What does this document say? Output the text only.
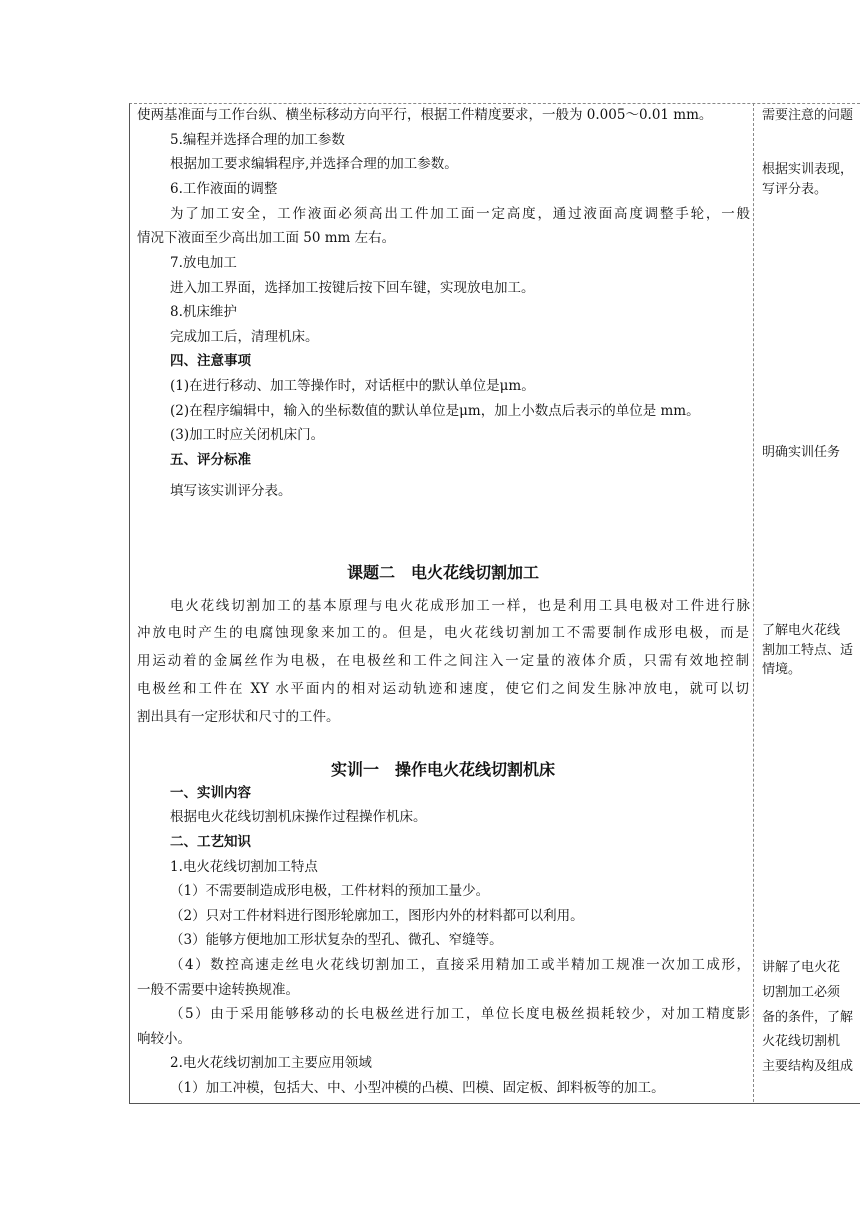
使两基准面与工作台纵、横坐标移动方向平行，根据工件精度要求，一般为 0.005～0.01 mm。
5.编程并选择合理的加工参数
根据加工要求编辑程序,并选择合理的加工参数。
6.工作液面的调整
为了加工安全，工作液面必须高出工件加工面一定高度，通过液面高度调整手轮，一般
情况下液面至少高出加工面 50 mm 左右。
7.放电加工
进入加工界面，选择加工按键后按下回车键，实现放电加工。
8.机床维护
完成加工后，清理机床。
四、注意事项
(1)在进行移动、加工等操作时，对话框中的默认单位是μm。
(2)在程序编辑中，输入的坐标数值的默认单位是μm，加上小数点后表示的单位是 mm。
(3)加工时应关闭机床门。
五、评分标准
填写该实训评分表。
课题二　电火花线切割加工
电火花线切割加工的基本原理与电火花成形加工一样，也是利用工具电极对工件进行脉
冲放电时产生的电腐蚀现象来加工的。但是，电火花线切割加工不需要制作成形电极，而是
用运动着的金属丝作为电极，在电极丝和工件之间注入一定量的液体介质，只需有效地控制
电极丝和工件在 XY 水平面内的相对运动轨迹和速度，使它们之间发生脉冲放电，就可以切
割出具有一定形状和尺寸的工件。
实训一　操作电火花线切割机床
一、实训内容
根据电火花线切割机床操作过程操作机床。
二、工艺知识
1.电火花线切割加工特点
（1）不需要制造成形电极，工件材料的预加工量少。
（2）只对工件材料进行图形轮廓加工，图形内外的材料都可以利用。
（3）能够方便地加工形状复杂的型孔、微孔、窄缝等。
（4）数控高速走丝电火花线切割加工，直接采用精加工或半精加工规准一次加工成形，
一般不需要中途转换规准。
（5）由于采用能够移动的长电极丝进行加工，单位长度电极丝损耗较少，对加工精度影
响较小。
2.电火花线切割加工主要应用领域
（1）加工冲模，包括大、中、小型冲模的凸模、凹模、固定板、卸料板等的加工。
需要注意的问题
根据实训表现，
写评分表。
明确实训任务
了解电火花线
割加工特点、适
情境。
讲解了电火花
切割加工必须
备的条件，了解
火花线切割机
主要结构及组成
